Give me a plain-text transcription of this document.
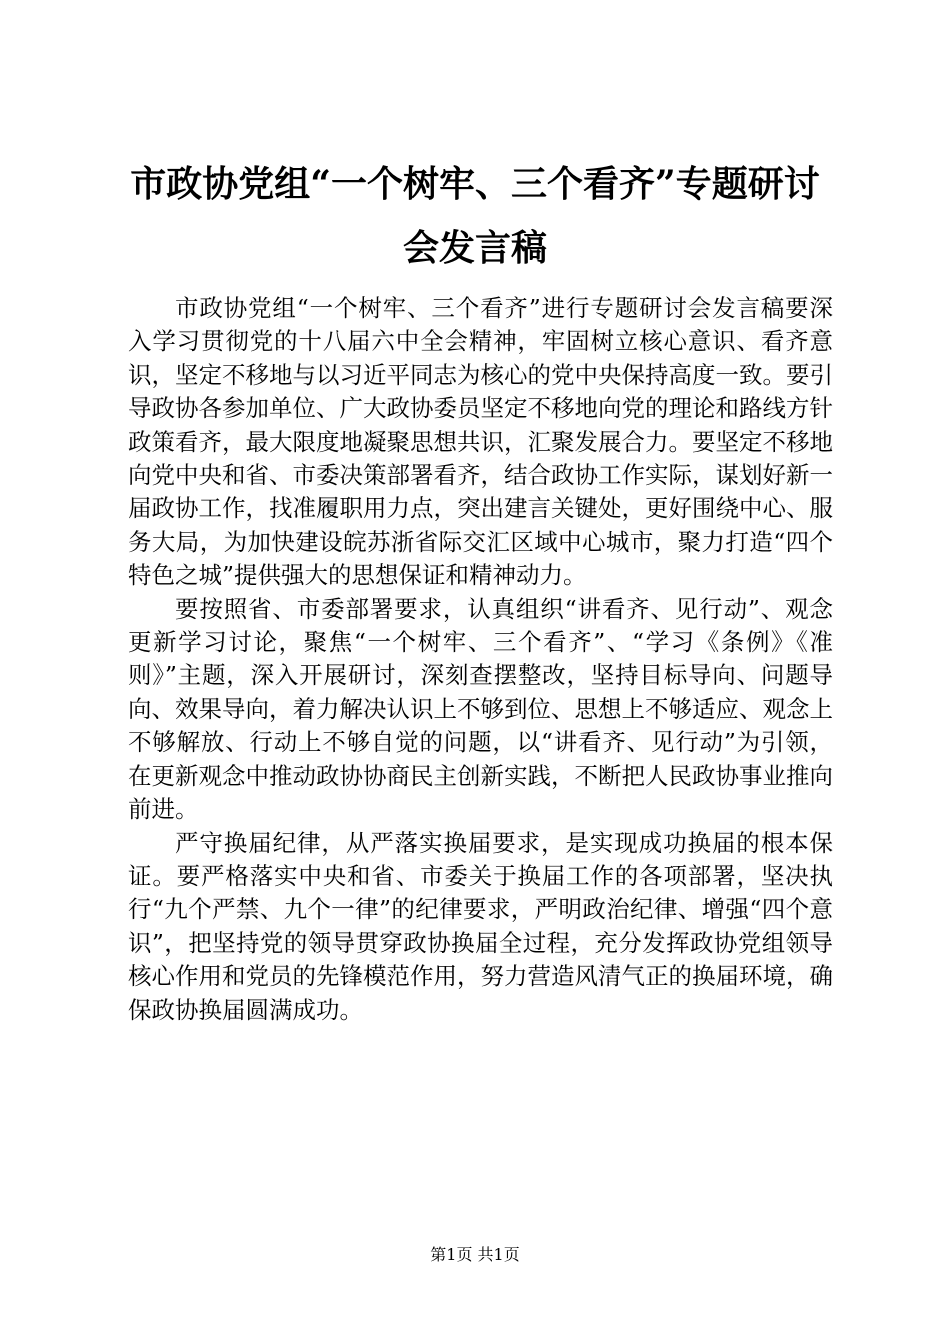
市政协党组“一个树牢、三个看齐”专题研讨
会发言稿

市政协党组“一个树牢、三个看齐”进行专题研讨会发言稿要深入学习贯彻党的十八届六中全会精神，牢固树立核心意识、看齐意识，坚定不移地与以习近平同志为核心的党中央保持高度一致。要引导政协各参加单位、广大政协委员坚定不移地向党的理论和路线方针政策看齐，最大限度地凝聚思想共识，汇聚发展合力。要坚定不移地向党中央和省、市委决策部署看齐，结合政协工作实际，谋划好新一届政协工作，找准履职用力点，突出建言关键处，更好围绕中心、服务大局，为加快建设皖苏浙省际交汇区域中心城市，聚力打造“四个特色之城”提供强大的思想保证和精神动力。

要按照省、市委部署要求，认真组织“讲看齐、见行动”、观念更新学习讨论，聚焦“一个树牢、三个看齐”、“学习《条例》《准则》”主题，深入开展研讨，深刻查摆整改，坚持目标导向、问题导向、效果导向，着力解决认识上不够到位、思想上不够适应、观念上不够解放、行动上不够自觉的问题，以“讲看齐、见行动”为引领，在更新观念中推动政协协商民主创新实践，不断把人民政协事业推向前进。

严守换届纪律，从严落实换届要求，是实现成功换届的根本保证。要严格落实中央和省、市委关于换届工作的各项部署，坚决执行“九个严禁、九个一律”的纪律要求，严明政治纪律、增强“四个意识”，把坚持党的领导贯穿政协换届全过程，充分发挥政协党组领导核心作用和党员的先锋模范作用，努力营造风清气正的换届环境，确保政协换届圆满成功。

第1页 共1页
